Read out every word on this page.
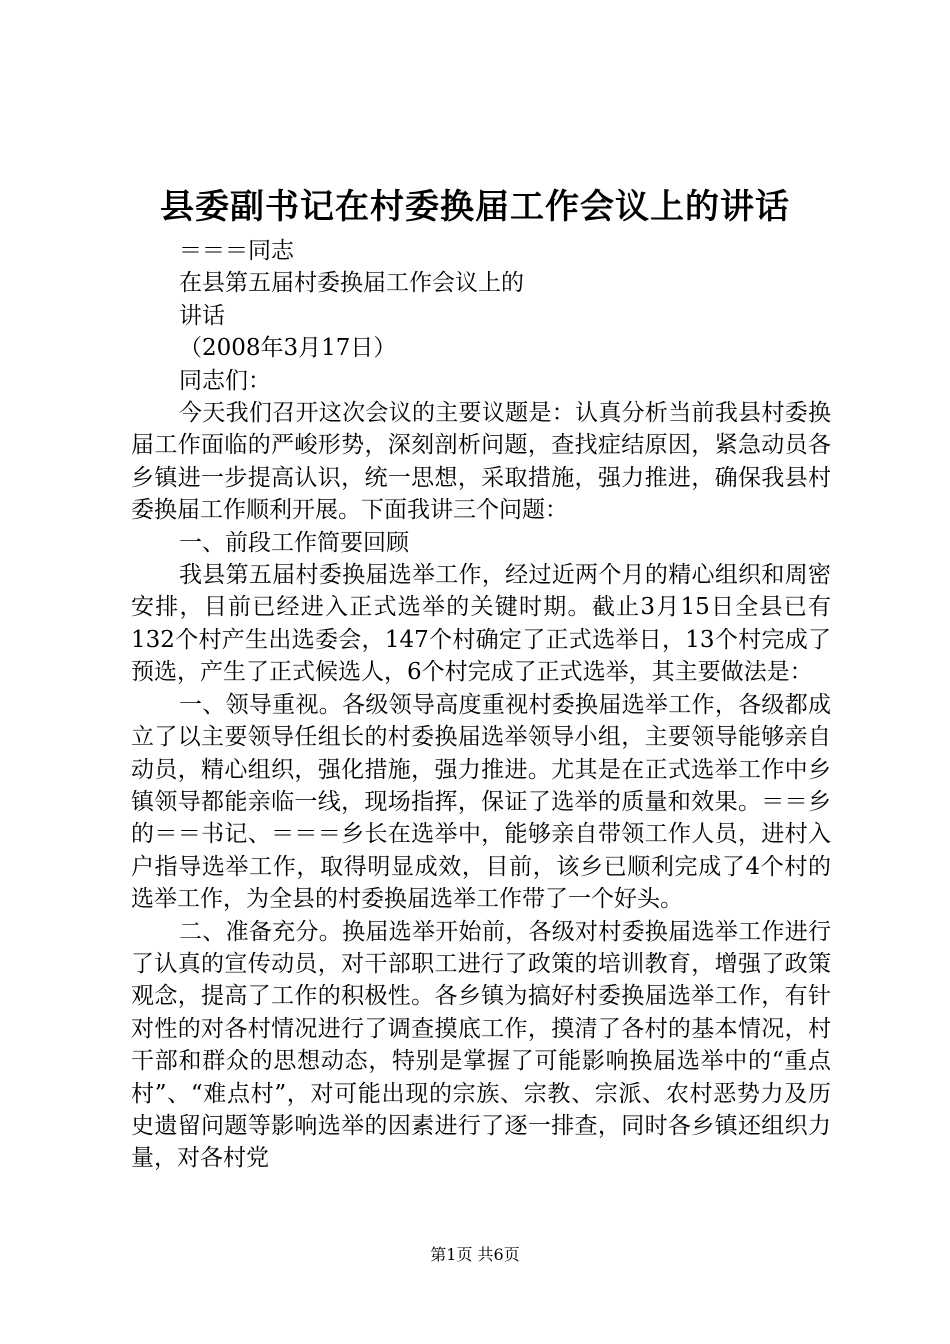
县委副书记在村委换届工作会议上的讲话

＝＝＝同志

在县第五届村委换届工作会议上的

讲话

（2008年3月17日）

同志们：

今天我们召开这次会议的主要议题是：认真分析当前我县村委换届工作面临的严峻形势，深刻剖析问题，查找症结原因，紧急动员各乡镇进一步提高认识，统一思想，采取措施，强力推进，确保我县村委换届工作顺利开展。下面我讲三个问题：

一、前段工作简要回顾

我县第五届村委换届选举工作，经过近两个月的精心组织和周密安排，目前已经进入正式选举的关键时期。截止3月15日全县已有132个村产生出选委会，147个村确定了正式选举日，13个村完成了预选，产生了正式候选人，6个村完成了正式选举，其主要做法是：

一、领导重视。各级领导高度重视村委换届选举工作，各级都成立了以主要领导任组长的村委换届选举领导小组，主要领导能够亲自动员，精心组织，强化措施，强力推进。尤其是在正式选举工作中乡镇领导都能亲临一线，现场指挥，保证了选举的质量和效果。＝＝乡的＝＝书记、＝＝＝乡长在选举中，能够亲自带领工作人员，进村入户指导选举工作，取得明显成效，目前，该乡已顺利完成了4个村的选举工作，为全县的村委换届选举工作带了一个好头。

二、准备充分。换届选举开始前，各级对村委换届选举工作进行了认真的宣传动员，对干部职工进行了政策的培训教育，增强了政策观念，提高了工作的积极性。各乡镇为搞好村委换届选举工作，有针对性的对各村情况进行了调查摸底工作，摸清了各村的基本情况，村干部和群众的思想动态，特别是掌握了可能影响换届选举中的“重点村”、“难点村”，对可能出现的宗族、宗教、宗派、农村恶势力及历史遗留问题等影响选举的因素进行了逐一排查，同时各乡镇还组织力量，对各村党

第1页 共6页
